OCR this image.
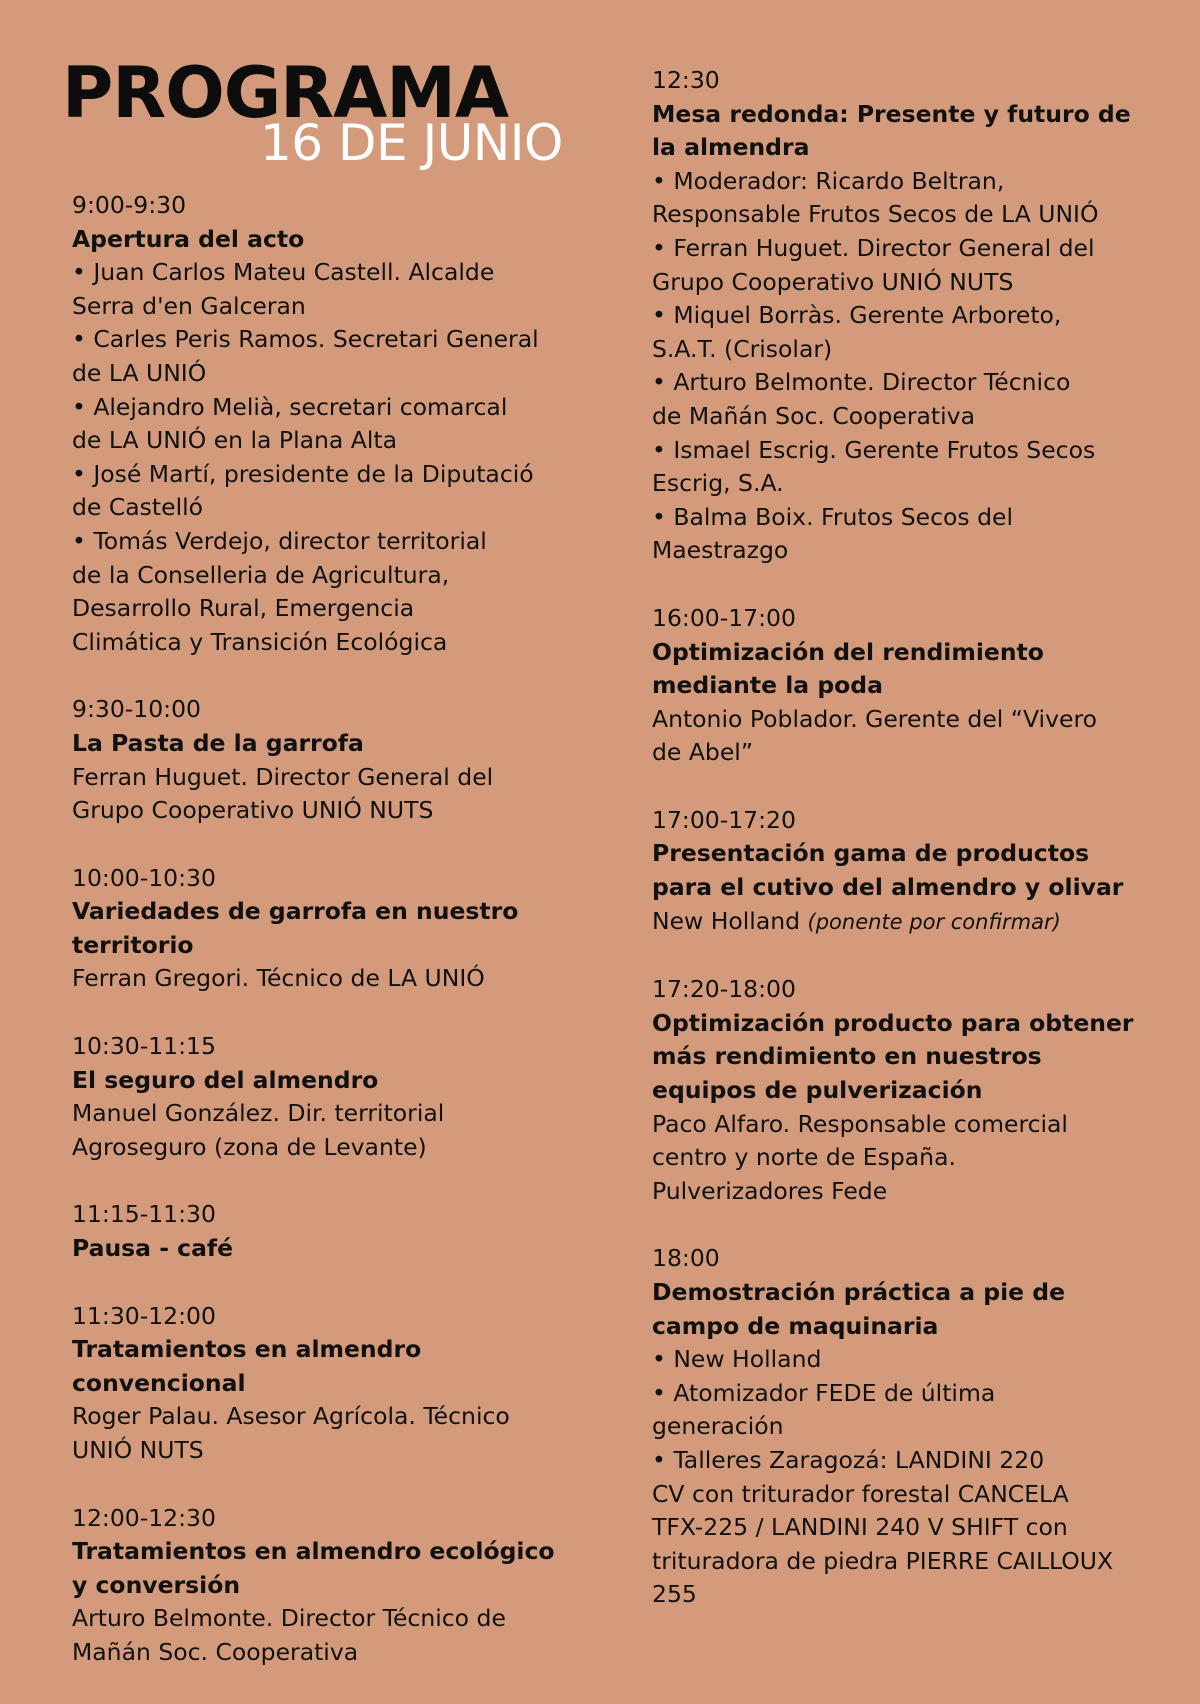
PROGRAMA
16 DE JUNIO
9:00-9:30
Apertura del acto
• Juan Carlos Mateu Castell. Alcalde
Serra d'en Galceran
• Carles Peris Ramos. Secretari General
de LA UNIÓ
• Alejandro Melià, secretari comarcal
de LA UNIÓ en la Plana Alta
• José Martí, presidente de la Diputació
de Castelló
• Tomás Verdejo, director territorial
de la Conselleria de Agricultura,
Desarrollo Rural, Emergencia
Climática y Transición Ecológica
9:30-10:00
La Pasta de la garrofa
Ferran Huguet. Director General del
Grupo Cooperativo UNIÓ NUTS
10:00-10:30
Variedades de garrofa en nuestro
territorio
Ferran Gregori. Técnico de LA UNIÓ
10:30-11:15
El seguro del almendro
Manuel González. Dir. territorial
Agroseguro (zona de Levante)
11:15-11:30
Pausa - café
11:30-12:00
Tratamientos en almendro
convencional
Roger Palau. Asesor Agrícola. Técnico
UNIÓ NUTS
12:00-12:30
Tratamientos en almendro ecológico
y conversión
Arturo Belmonte. Director Técnico de
Mañán Soc. Cooperativa
12:30
Mesa redonda: Presente y futuro de
la almendra
• Moderador: Ricardo Beltran,
Responsable Frutos Secos de LA UNIÓ
• Ferran Huguet. Director General del
Grupo Cooperativo UNIÓ NUTS
• Miquel Borràs. Gerente Arboreto,
S.A.T. (Crisolar)
• Arturo Belmonte. Director Técnico
de Mañán Soc. Cooperativa
• Ismael Escrig. Gerente Frutos Secos
Escrig, S.A.
• Balma Boix. Frutos Secos del
Maestrazgo
16:00-17:00
Optimización del rendimiento
mediante la poda
Antonio Poblador. Gerente del “Vivero
de Abel”
17:00-17:20
Presentación gama de productos
para el cutivo del almendro y olivar
New Holland (ponente por confirmar)
17:20-18:00
Optimización producto para obtener
más rendimiento en nuestros
equipos de pulverización
Paco Alfaro. Responsable comercial
centro y norte de España.
Pulverizadores Fede
18:00
Demostración práctica a pie de
campo de maquinaria
• New Holland
• Atomizador FEDE de última
generación
• Talleres Zaragozá: LANDINI 220
CV con triturador forestal CANCELA
TFX-225 / LANDINI 240 V SHIFT con
trituradora de piedra PIERRE CAILLOUX
255
